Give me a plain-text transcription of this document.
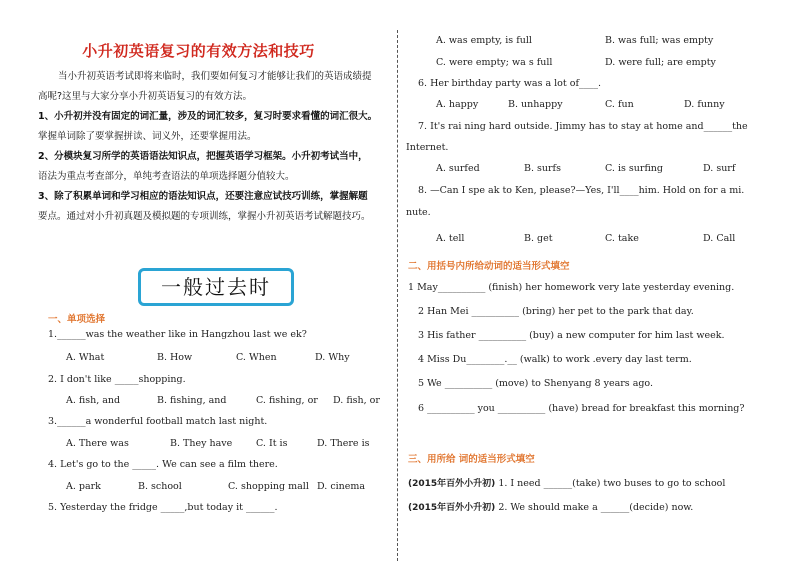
小升初英语复习的有效方法和技巧

当小升初英语考试即将来临时，我们要如何复习才能够让我们的英语成绩提

高呢?这里与大家分享小升初英语复习的有效方法。

1、小升初并没有固定的词汇量，涉及的词汇较多，复习时要求看懂的词汇很大。

掌握单词除了要掌握拼读、词义外，还要掌握用法。

2、分模块复习所学的英语语法知识点，把握英语学习框架。小升初考试当中，

语法为重点考查部分，单纯考查语法的单项选择题分值较大。

3、除了积累单词和学习相应的语法知识点，还要注意应试技巧训练，掌握解题

要点。通过对小升初真题及模拟题的专项训练，掌握小升初英语考试解题技巧。

一般过去时
一、单项选择
1.______was the weather like in Hangzhou last we ek?
A. What	B. How	C. When	D. Why
2. I don't like _____shopping.
A. fish, and	B. fishing, and	C. fishing, or D. fish, or
3.______a wonderful football match last night.
A. There was	B. They have C. It is	D. There is
4. Let's go to the _____. We can see a film there.
A. park	B. school	C. shopping mall D. cinema
5. Yesterday the fridge _____,but today it ______.
A. was empty, is full	B. was full; was empty
C. were empty; wa s full	D. were full; are empty
6. Her birthday party was a lot of____.
A. happy	B. unhappy	C. fun	D. funny
7. It's rai ning hard outside. Jimmy has to stay at home and______the
Internet.
A. surfed	B. surfs	C. is surfing	D. surf
8. —Can I spe ak to Ken, please?—Yes, I'll____him. Hold on for a mi.
nute.
A. tell	B. get	C. take	D. Call
二、用括号内所给动词的适当形式填空
1 May__________ (finish) her homework very late yesterday evening.
2 Han Mei __________ (bring) her pet to the park that day.
3 His father __________ (buy) a new computer for him last week.
4 Miss Du________.__ (walk) to work .every day last term.
5 We __________ (move) to Shenyang 8 years ago.
6 __________ you __________ (have) bread for breakfast this morning?
三、用所给 词的适当形式填空
(2015年百外小升初) 1. I need ______(take) two buses to go to school
(2015年百外小升初) 2. We should make a ______(decide) now.
